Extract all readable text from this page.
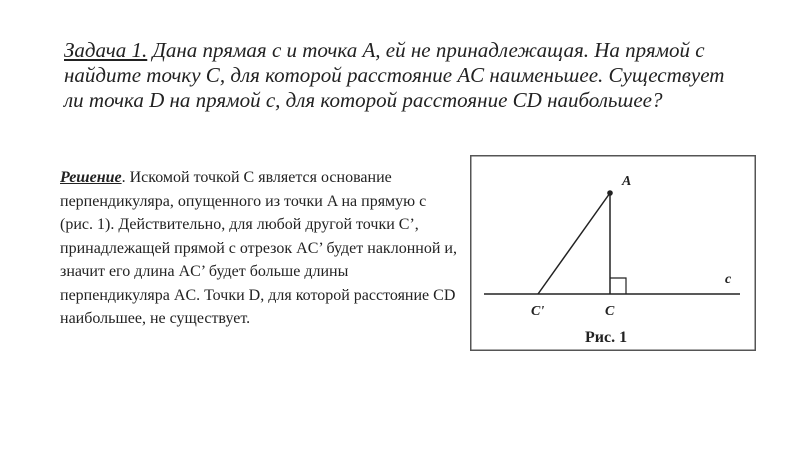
Задача 1. Дана прямая c и точка A, ей не принадлежащая. На прямой c найдите точку C, для которой расстояние AC наименьшее. Существует ли точка D на прямой c, для которой расстояние CD наибольшее?
Решение. Искомой точкой C является основание перпендикуляра, опущенного из точки A на прямую c (рис. 1). Действительно, для любой другой точки C’, принадлежащей прямой c отрезок AC’ будет наклонной и, значит его длина AC’ будет больше длины перпендикуляра AC. Точки D, для которой расстояние CD наибольшее, не существует.
A
C'	C
c
Рис. 1
